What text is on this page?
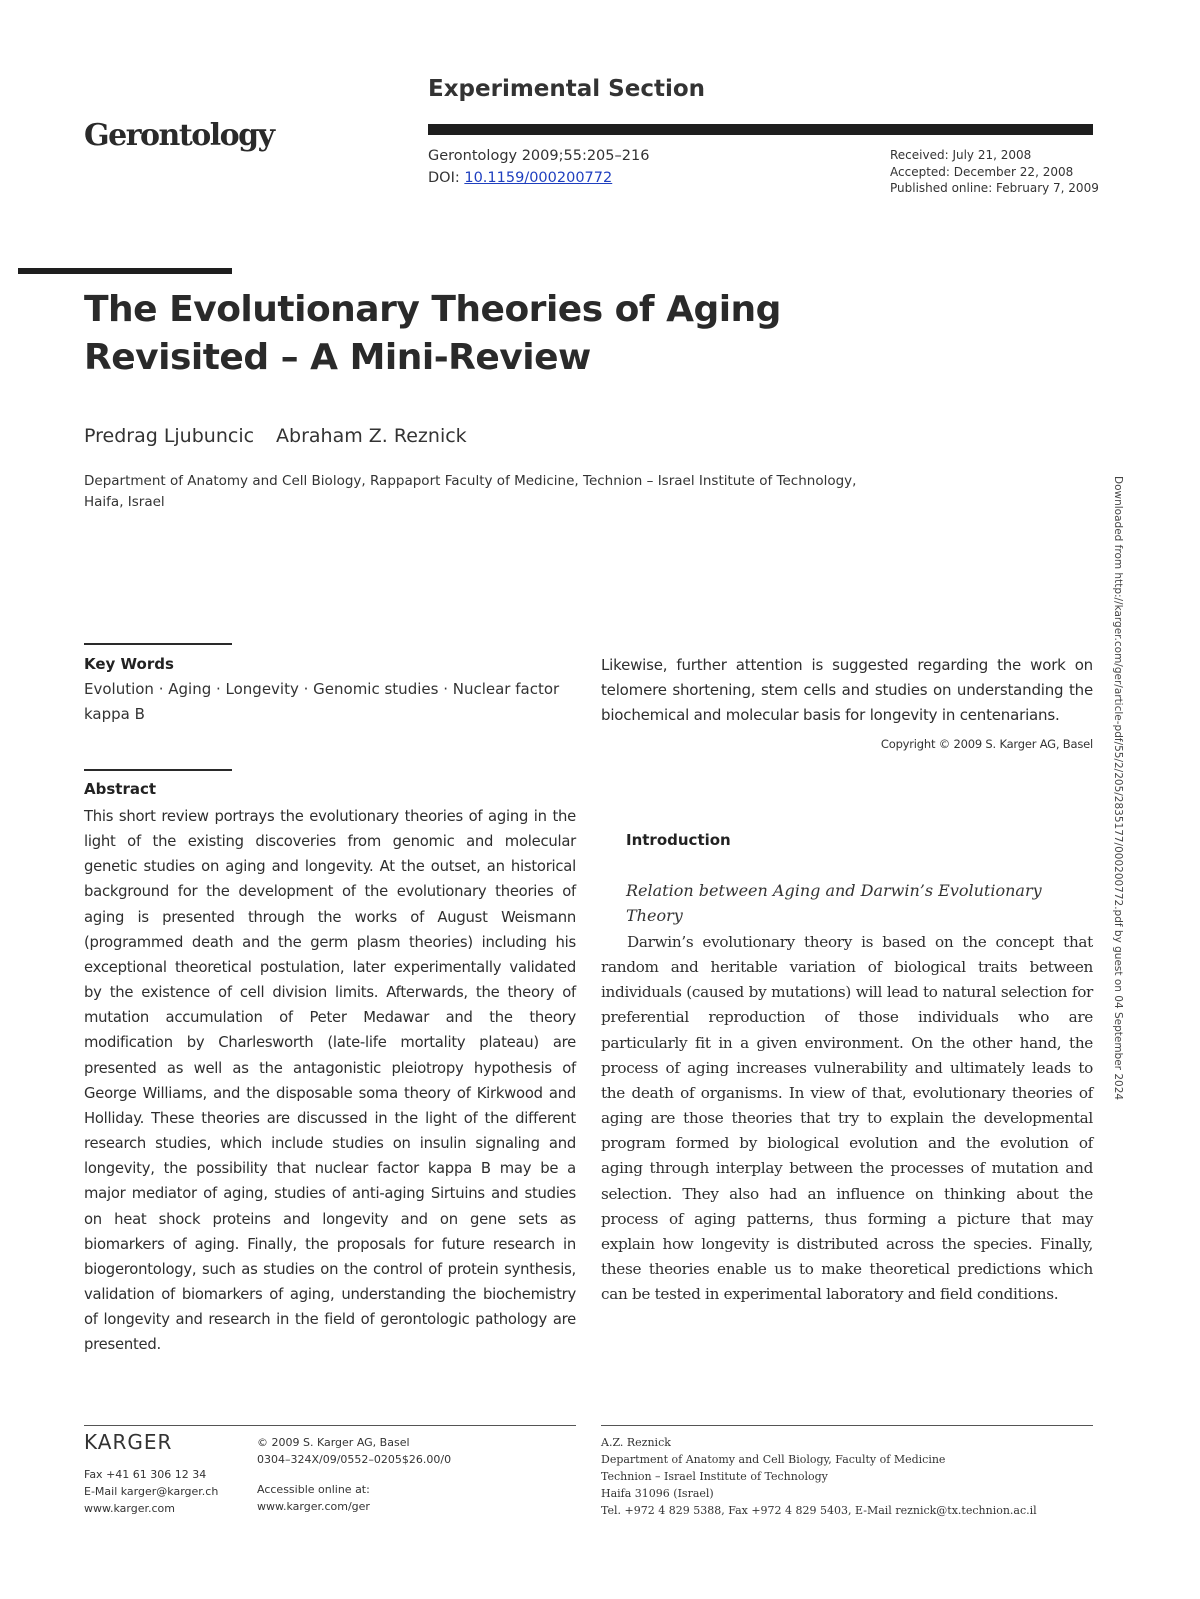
Gerontology
Experimental Section
Gerontology 2009;55:205–216
DOI: 10.1159/000200772
Received: July 21, 2008
Accepted: December 22, 2008
Published online: February 7, 2009
The Evolutionary Theories of Aging
Revisited – A Mini-Review
Predrag Ljubuncic Abraham Z. Reznick
Department of Anatomy and Cell Biology, Rappaport Faculty of Medicine, Technion – Israel Institute of Technology,
Haifa, Israel	Downloaded from http://karger.com/ger/article-pdf/55/2/205/2835177/000200772.pdf by guest on 04 September 2024
Key Words
Evolution · Aging · Longevity · Genomic studies · Nuclear factor kappa B
Abstract
This short review portrays the evolutionary theories of aging in the light of the existing discoveries from genomic and molecular genetic studies on aging and longevity. At the outset, an historical background for the development of the evolutionary theories of aging is presented through the works of August Weismann (programmed death and the germ plasm theories) including his exceptional theoretical postulation, later experimentally validated by the existence of cell division limits. Afterwards, the theory of mutation accumulation of Peter Medawar and the theory modification by Charlesworth (late-life mortality plateau) are presented as well as the antagonistic pleiotropy hypothesis of George Williams, and the disposable soma theory of Kirkwood and Holliday. These theories are discussed in the light of the different research studies, which include studies on insulin signaling and longevity, the possibility that nuclear factor kappa B may be a major mediator of aging, studies of anti-aging Sirtuins and studies on heat shock proteins and longevity and on gene sets as biomarkers of aging. Finally, the proposals for future research in biogerontology, such as studies on the control of protein synthesis, validation of biomarkers of aging, understanding the biochemistry of longevity and research in the field of gerontologic pathology are presented.
Likewise, further attention is suggested regarding the work on telomere shortening, stem cells and studies on understanding the biochemical and molecular basis for longevity in centenarians.
Copyright © 2009 S. Karger AG, Basel
Introduction
Relation between Aging and Darwin’s Evolutionary Theory
Darwin’s evolutionary theory is based on the concept that random and heritable variation of biological traits between individuals (caused by mutations) will lead to natural selection for preferential reproduction of those individuals who are particularly fit in a given environment. On the other hand, the process of aging increases vulnerability and ultimately leads to the death of organisms. In view of that, evolutionary theories of aging are those theories that try to explain the developmental program formed by biological evolution and the evolution of aging through interplay between the processes of mutation and selection. They also had an influence on thinking about the process of aging patterns, thus forming a picture that may explain how longevity is distributed across the species. Finally, these theories enable us to make theoretical predictions which can be tested in experimental laboratory and field conditions.
KARGER
Fax +41 61 306 12 34
E-Mail karger@karger.ch
www.karger.com
© 2009 S. Karger AG, Basel
0304–324X/09/0552–0205$26.00/0
Accessible online at:
www.karger.com/ger
A.Z. Reznick
Department of Anatomy and Cell Biology, Faculty of Medicine
Technion – Israel Institute of Technology
Haifa 31096 (Israel)
Tel. +972 4 829 5388, Fax +972 4 829 5403, E-Mail reznick@tx.technion.ac.il
